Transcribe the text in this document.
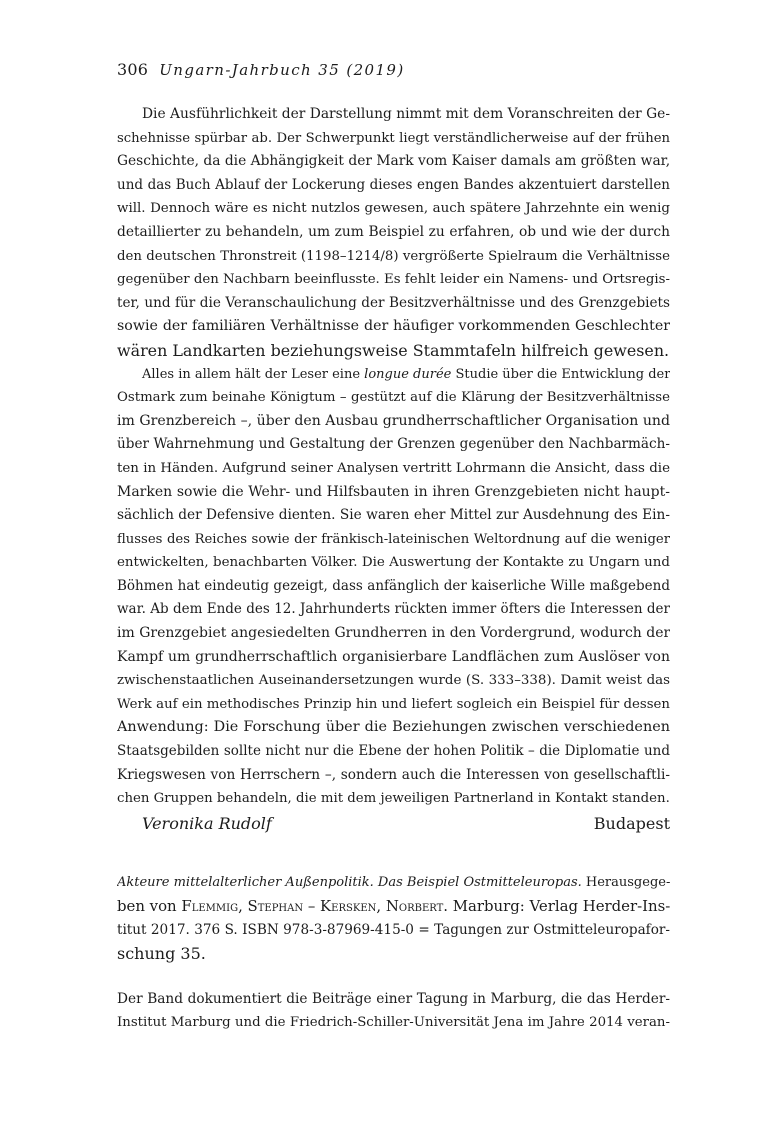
306 Ungarn-Jahrbuch 35 (2019)
Die Ausführlichkeit der Darstellung nimmt mit dem Voranschreiten der Ge-
schehnisse spürbar ab. Der Schwerpunkt liegt verständlicherweise auf der frühen
Geschichte, da die Abhängigkeit der Mark vom Kaiser damals am größten war,
und das Buch Ablauf der Lockerung dieses engen Bandes akzentuiert darstellen
will. Dennoch wäre es nicht nutzlos gewesen, auch spätere Jahrzehnte ein wenig
detaillierter zu behandeln, um zum Beispiel zu erfahren, ob und wie der durch
den deutschen Thronstreit (1198–1214/8) vergrößerte Spielraum die Verhältnisse
gegenüber den Nachbarn beeinflusste. Es fehlt leider ein Namens- und Ortsregis-
ter, und für die Veranschaulichung der Besitzverhältnisse und des Grenzgebiets
sowie der familiären Verhältnisse der häufiger vorkommenden Geschlechter
wären Landkarten beziehungsweise Stammtafeln hilfreich gewesen.
Alles in allem hält der Leser eine longue durée Studie über die Entwicklung der
Ostmark zum beinahe Königtum – gestützt auf die Klärung der Besitzverhältnisse
im Grenzbereich –, über den Ausbau grundherrschaftlicher Organisation und
über Wahrnehmung und Gestaltung der Grenzen gegenüber den Nachbarmäch-
ten in Händen. Aufgrund seiner Analysen vertritt Lohrmann die Ansicht, dass die
Marken sowie die Wehr- und Hilfsbauten in ihren Grenzgebieten nicht haupt-
sächlich der Defensive dienten. Sie waren eher Mittel zur Ausdehnung des Ein-
flusses des Reiches sowie der fränkisch-lateinischen Weltordnung auf die weniger
entwickelten, benachbarten Völker. Die Auswertung der Kontakte zu Ungarn und
Böhmen hat eindeutig gezeigt, dass anfänglich der kaiserliche Wille maßgebend
war. Ab dem Ende des 12. Jahrhunderts rückten immer öfters die Interessen der
im Grenzgebiet angesiedelten Grundherren in den Vordergrund, wodurch der
Kampf um grundherrschaftlich organisierbare Landflächen zum Auslöser von
zwischenstaatlichen Auseinandersetzungen wurde (S. 333–338). Damit weist das
Werk auf ein methodisches Prinzip hin und liefert sogleich ein Beispiel für dessen
Anwendung: Die Forschung über die Beziehungen zwischen verschiedenen
Staatsgebilden sollte nicht nur die Ebene der hohen Politik – die Diplomatie und
Kriegswesen von Herrschern –, sondern auch die Interessen von gesellschaftli-
chen Gruppen behandeln, die mit dem jeweiligen Partnerland in Kontakt standen.
Veronika Rudolf	Budapest
Akteure mittelalterlicher Außenpolitik. Das Beispiel Ostmitteleuropas. Herausgege-
ben von Flemmig, Stephan – Kersken, Norbert. Marburg: Verlag Herder-Ins-
titut 2017. 376 S. ISBN 978-3-87969-415-0 = Tagungen zur Ostmitteleuropafor-
schung 35.
Der Band dokumentiert die Beiträge einer Tagung in Marburg, die das Herder-
Institut Marburg und die Friedrich-Schiller-Universität Jena im Jahre 2014 veran-
